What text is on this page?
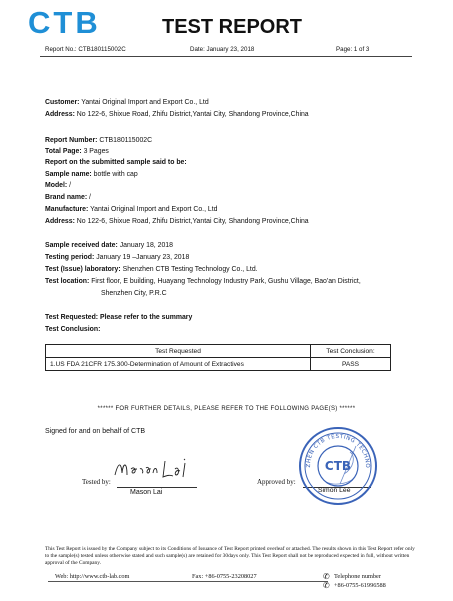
CTB	TEST REPORT
Report No.: CTB180115002C	Date: January 23, 2018	Page: 1 of 3
Customer: Yantai Original Import and Export Co., Ltd
Address: No 122-6, Shixue Road, Zhifu District,Yantai City, Shandong Province,China
Report Number: CTB180115002C
Total Page: 3 Pages
Report on the submitted sample said to be:
Sample name: bottle with cap
Model: /
Brand name: /
Manufacture: Yantai Original Import and Export Co., Ltd
Address: No 122-6, Shixue Road, Zhifu District,Yantai City, Shandong Province,China
Sample received date: January 18, 2018
Testing period: January 19 –January 23, 2018
Test (Issue) laboratory: Shenzhen CTB Testing Technology Co., Ltd.
Test location: First floor, E building, Huayang Technology Industry Park, Gushu Village, Bao'an District,
Shenzhen City, P.R.C
Test Requested: Please refer to the summary
Test Conclusion:
Test Requested	Test Conclusion:
1.US FDA 21CFR 175.300-Determination of Amount of Extractives	PASS
****** FOR FURTHER DETAILS, PLEASE REFER TO THE FOLLOWING PAGE(S) ******
Signed for and on behalf of CTB
Tested by:
Mason Lai
Approved by:
ZHEN CTB TESTING TECHNO
CTB
Simon Lee
This Test Report is issued by the Company subject to its Conditions of Issuance of Test Report printed overleaf or attached. The results shown in this Test Report refer only to the sample(s) tested unless otherwise stated and such sample(s) are retained for 30days only. This Test Report shall not be reproduced expected in full, without written approval of the Company.
Web: http://www.ctb-lab.com	Fax: +86-0755-23208027	✆ Telephone number
✆ +86-0755-61996588
